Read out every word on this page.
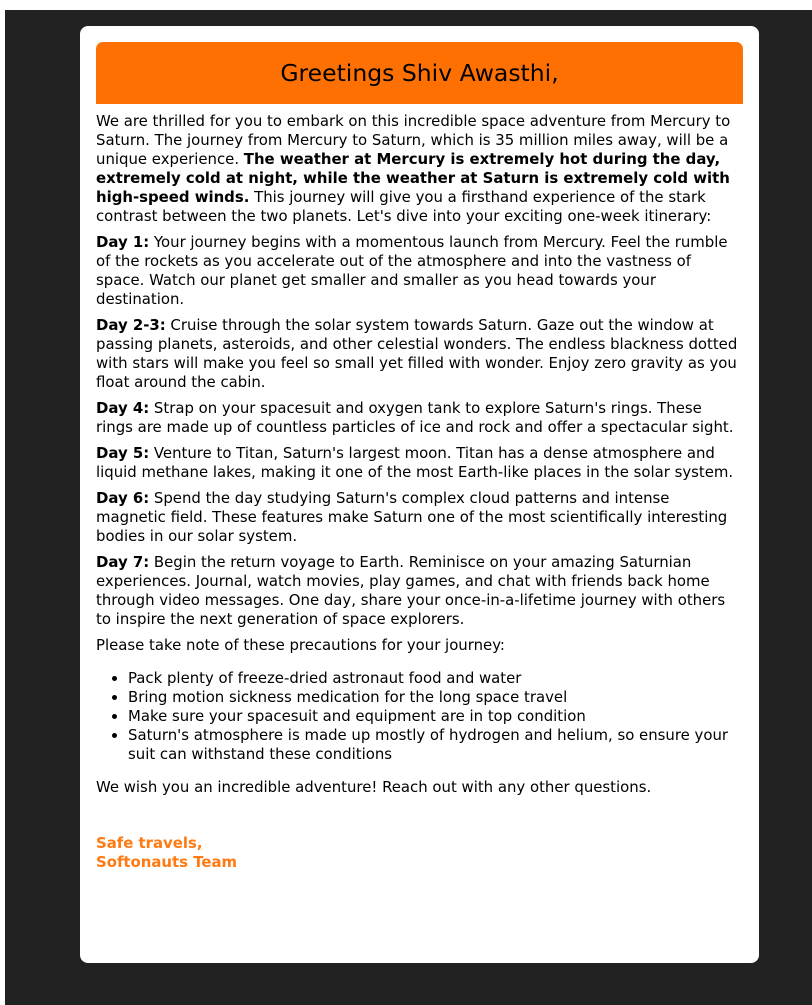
Greetings Shiv Awasthi,

We are thrilled for you to embark on this incredible space adventure from Mercury to Saturn. The journey from Mercury to Saturn, which is 35 million miles away, will be a unique experience. The weather at Mercury is extremely hot during the day, extremely cold at night, while the weather at Saturn is extremely cold with high-speed winds. This journey will give you a firsthand experience of the stark contrast between the two planets. Let's dive into your exciting one-week itinerary:

Day 1: Your journey begins with a momentous launch from Mercury. Feel the rumble of the rockets as you accelerate out of the atmosphere and into the vastness of space. Watch our planet get smaller and smaller as you head towards your destination.

Day 2-3: Cruise through the solar system towards Saturn. Gaze out the window at passing planets, asteroids, and other celestial wonders. The endless blackness dotted with stars will make you feel so small yet filled with wonder. Enjoy zero gravity as you float around the cabin.

Day 4: Strap on your spacesuit and oxygen tank to explore Saturn's rings. These rings are made up of countless particles of ice and rock and offer a spectacular sight.

Day 5: Venture to Titan, Saturn's largest moon. Titan has a dense atmosphere and liquid methane lakes, making it one of the most Earth-like places in the solar system.

Day 6: Spend the day studying Saturn's complex cloud patterns and intense magnetic field. These features make Saturn one of the most scientifically interesting bodies in our solar system.

Day 7: Begin the return voyage to Earth. Reminisce on your amazing Saturnian experiences. Journal, watch movies, play games, and chat with friends back home through video messages. One day, share your once-in-a-lifetime journey with others to inspire the next generation of space explorers.

Please take note of these precautions for your journey:

• Pack plenty of freeze-dried astronaut food and water
• Bring motion sickness medication for the long space travel
• Make sure your spacesuit and equipment are in top condition
• Saturn's atmosphere is made up mostly of hydrogen and helium, so ensure your suit can withstand these conditions

We wish you an incredible adventure! Reach out with any other questions.

Safe travels,
Softonauts Team
